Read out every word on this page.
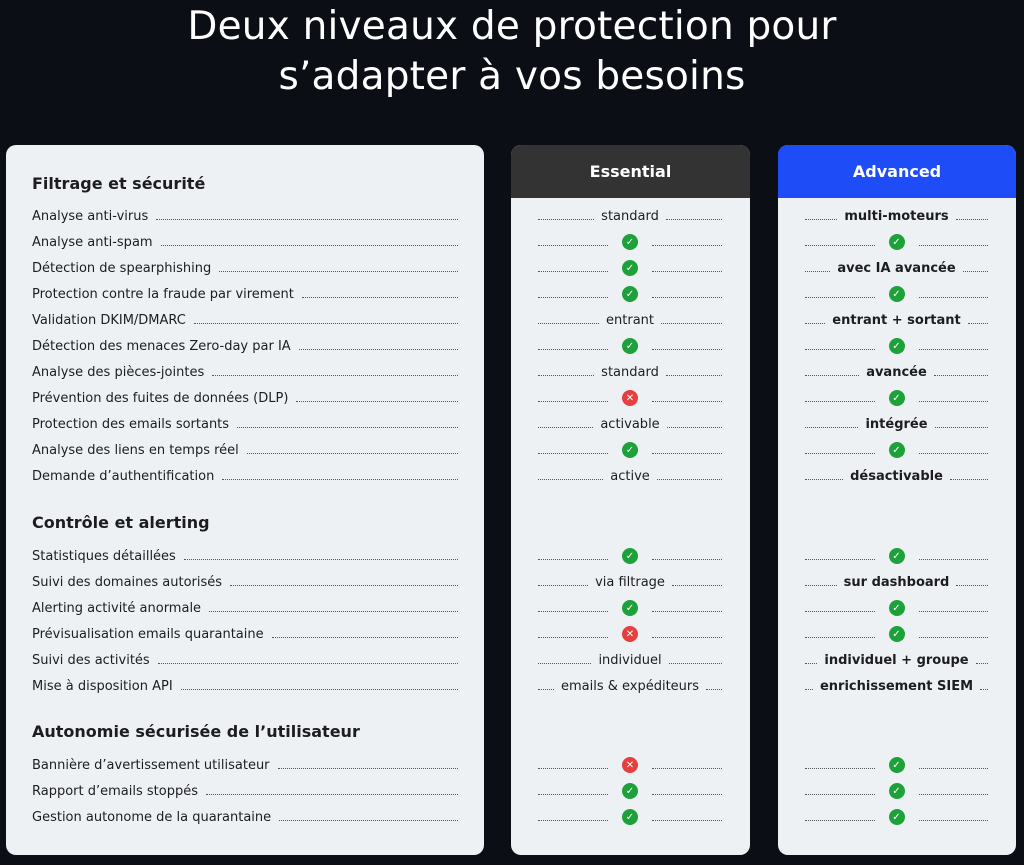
Deux niveaux de protection pour
s’adapter à vos besoins
Filtrage et sécurité
Analyse anti-virus
Analyse anti-spam
Détection de spearphishing
Protection contre la fraude par virement
Validation DKIM/DMARC
Détection des menaces Zero-day par IA
Analyse des pièces-jointes
Prévention des fuites de données (DLP)
Protection des emails sortants
Analyse des liens en temps réel
Demande d’authentification
Contrôle et alerting
Statistiques détaillées
Suivi des domaines autorisés
Alerting activité anormale
Prévisualisation emails quarantaine
Suivi des activités
Mise à disposition API
Autonomie sécurisée de l’utilisateur
Bannière d’avertissement utilisateur
Rapport d’emails stoppés
Gestion autonome de la quarantaine
Essential
standard
✓
✓
✓
entrant
✓
standard
✕
activable
✓
active
✓
via filtrage
✓
✕
individuel
emails & expéditeurs
✕
✓
✓
Advanced
multi-moteurs
✓
avec IA avancée
✓
entrant + sortant
✓
avancée
✓
intégrée
✓
désactivable
✓
sur dashboard
✓
✓
individuel + groupe
enrichissement SIEM
✓
✓
✓
